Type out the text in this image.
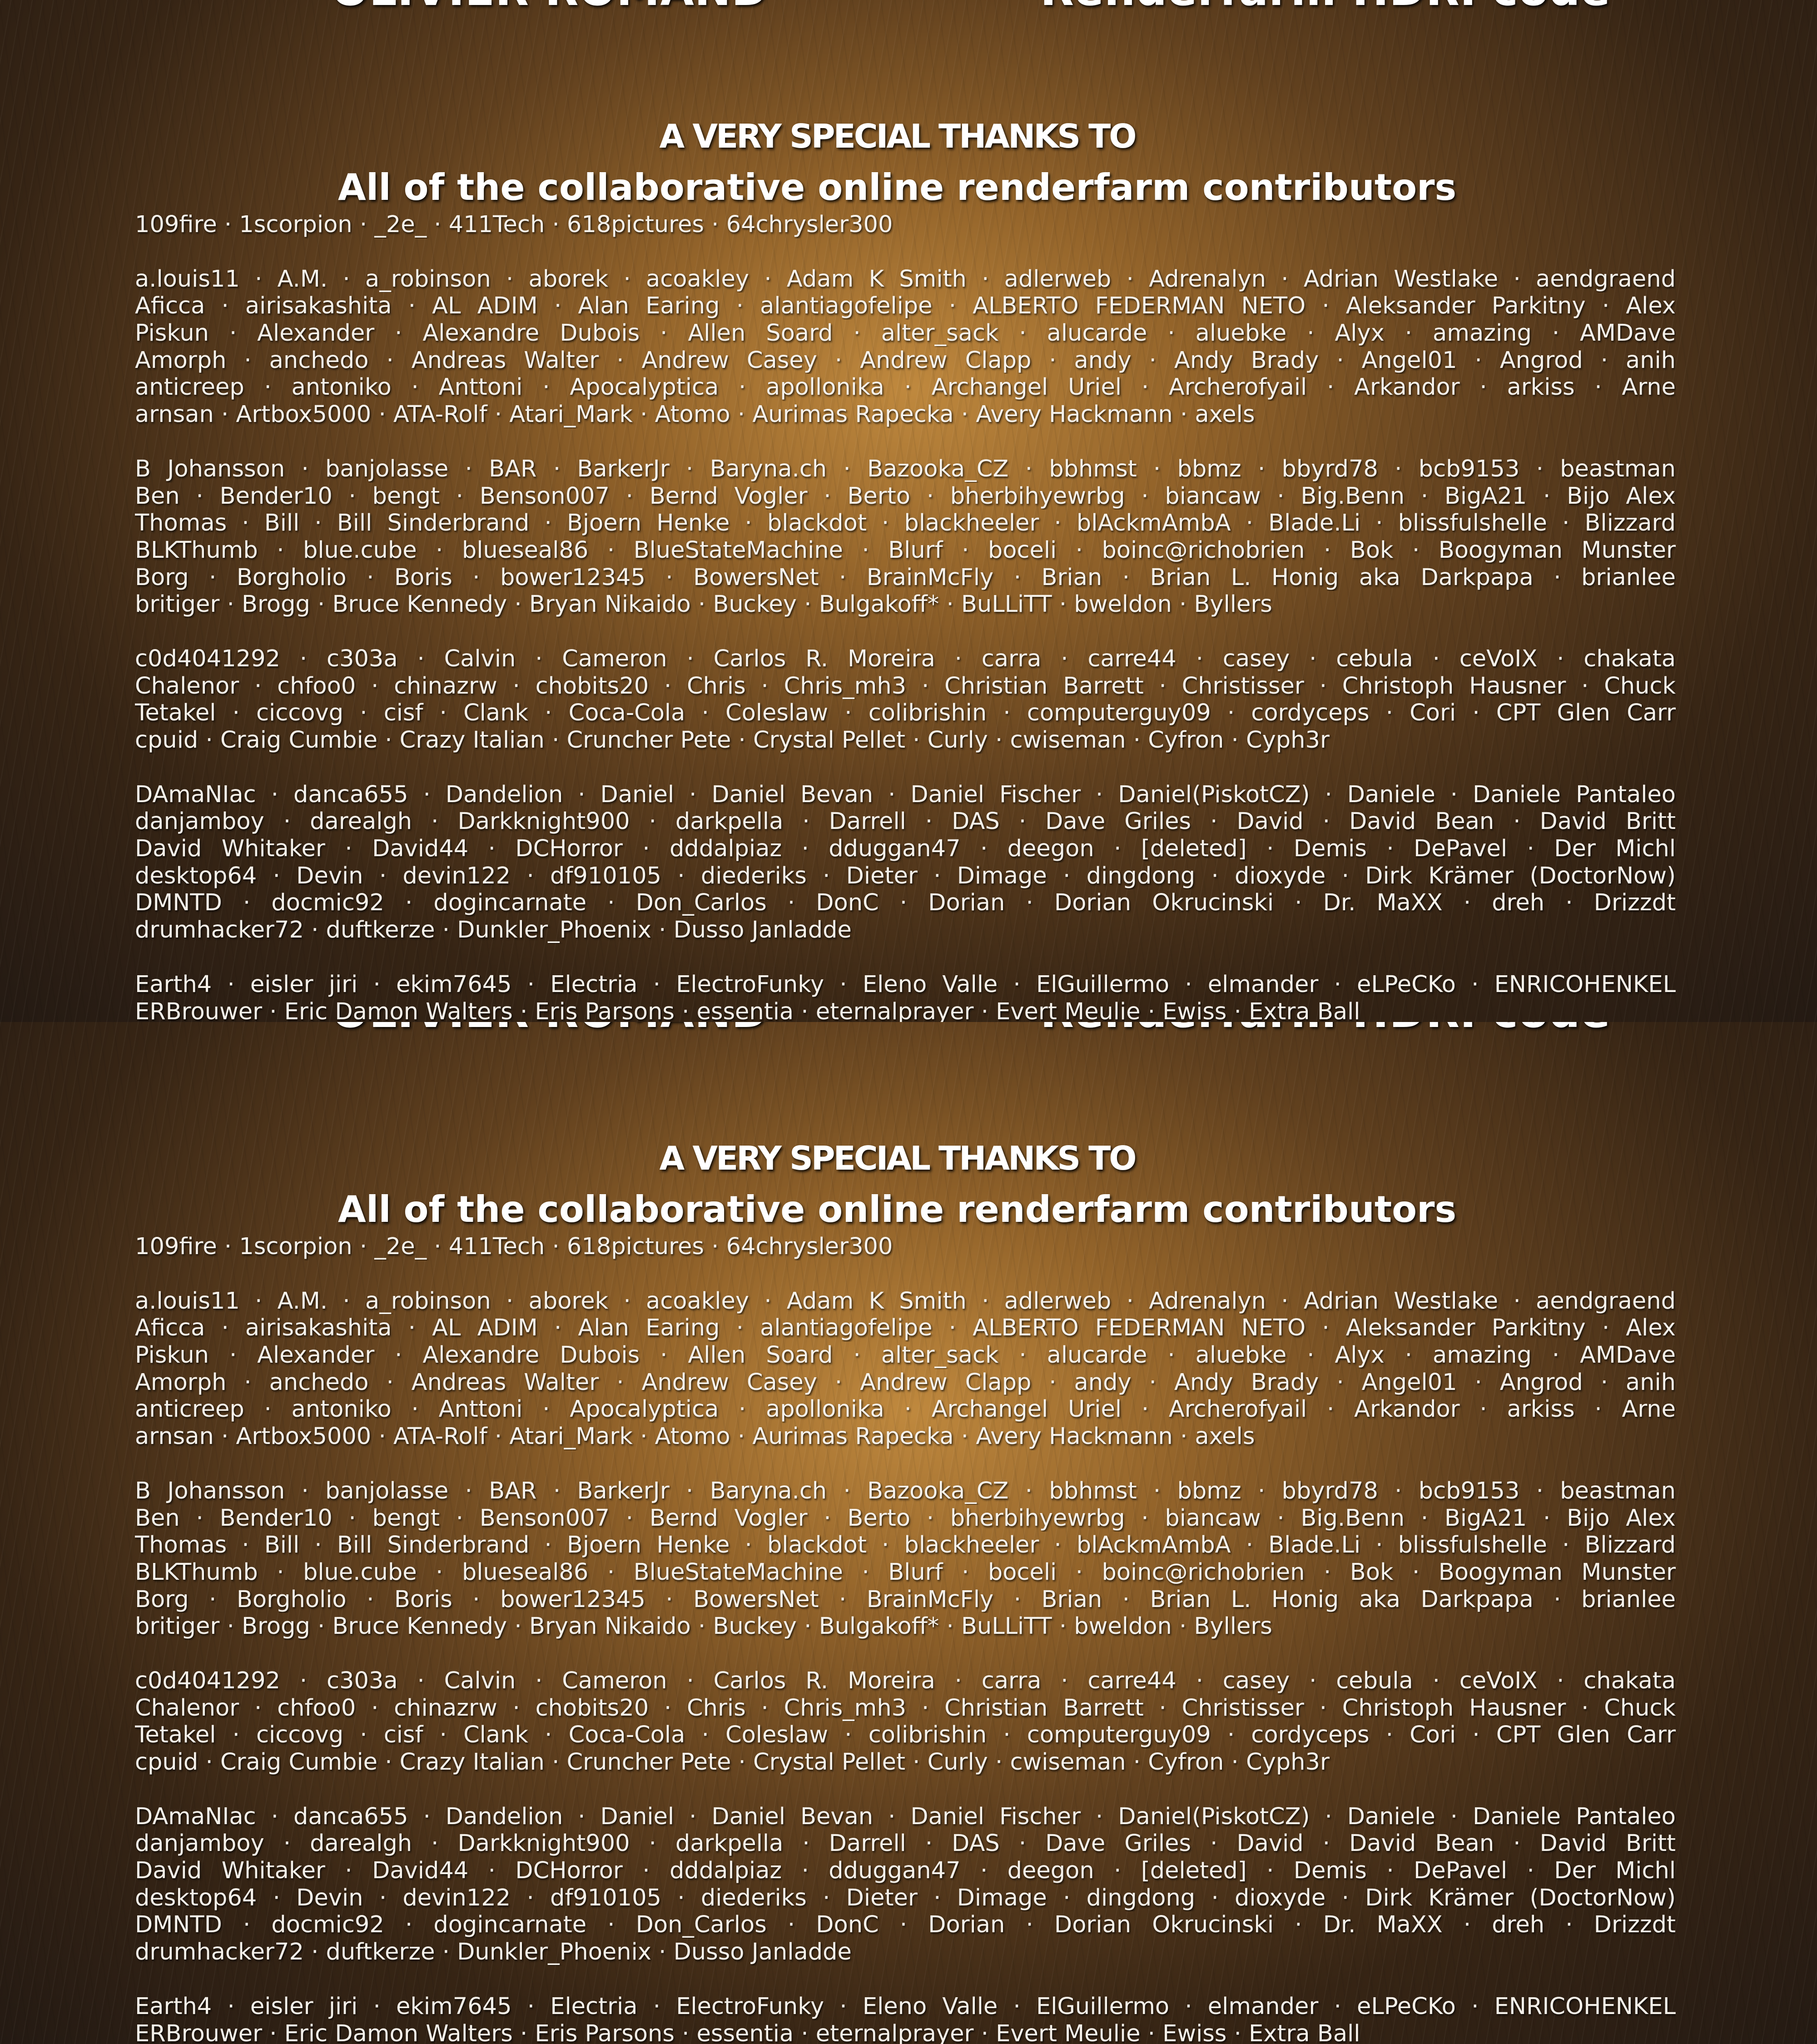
A VERY SPECIAL THANKS TO
All of the collaborative online renderfarm contributors
109fire · 1scorpion · _2e_ · 411Tech · 618pictures · 64chrysler300
a.louis11 · A.M. · a_robinson · aborek · acoakley · Adam K Smith · adlerweb · Adrenalyn · Adrian Westlake · aendgraend
Aficca · airisakashita · AL ADIM · Alan Earing · alantiagofelipe · ALBERTO FEDERMAN NETO · Aleksander Parkitny · Alex
Piskun · Alexander · Alexandre Dubois · Allen Soard · alter_sack · alucarde · aluebke · Alyx · amazing · AMDave
Amorph · anchedo · Andreas Walter · Andrew Casey · Andrew Clapp · andy · Andy Brady · Angel01 · Angrod · anih
anticreep · antoniko · Anttoni · Apocalyptica · apollonika · Archangel Uriel · Archerofyail · Arkandor · arkiss · Arne
arnsan · Artbox5000 · ATA-Rolf · Atari_Mark · Atomo · Aurimas Rapecka · Avery Hackmann · axels
B Johansson · banjolasse · BAR · BarkerJr · Baryna.ch · Bazooka_CZ · bbhmst · bbmz · bbyrd78 · bcb9153 · beastman
Ben · Bender10 · bengt · Benson007 · Bernd Vogler · Berto · bherbihyewrbg · biancaw · Big.Benn · BigA21 · Bijo Alex
Thomas · Bill · Bill Sinderbrand · Bjoern Henke · blackdot · blackheeler · blAckmAmbA · Blade.Li · blissfulshelle · Blizzard
BLKThumb · blue.cube · blueseal86 · BlueStateMachine · Blurf · boceli · boinc@richobrien · Bok · Boogyman Munster
Borg · Borgholio · Boris · bower12345 · BowersNet · BrainMcFly · Brian · Brian L. Honig aka Darkpapa · brianlee
britiger · Brogg · Bruce Kennedy · Bryan Nikaido · Buckey · Bulgakoff* · BuLLiTT · bweldon · Byllers
c0d4041292 · c303a · Calvin · Cameron · Carlos R. Moreira · carra · carre44 · casey · cebula · ceVoIX · chakata
Chalenor · chfoo0 · chinazrw · chobits20 · Chris · Chris_mh3 · Christian Barrett · Christisser · Christoph Hausner · Chuck
Tetakel · ciccovg · cisf · Clank · Coca-Cola · Coleslaw · colibrishin · computerguy09 · cordyceps · Cori · CPT Glen Carr
cpuid · Craig Cumbie · Crazy Italian · Cruncher Pete · Crystal Pellet · Curly · cwiseman · Cyfron · Cyph3r
DAmaNIac · danca655 · Dandelion · Daniel · Daniel Bevan · Daniel Fischer · Daniel(PiskotCZ) · Daniele · Daniele Pantaleo
danjamboy · darealgh · Darkknight900 · darkpella · Darrell · DAS · Dave Griles · David · David Bean · David Britt
David Whitaker · David44 · DCHorror · dddalpiaz · dduggan47 · deegon · [deleted] · Demis · DePavel · Der Michl
desktop64 · Devin · devin122 · df910105 · diederiks · Dieter · Dimage · dingdong · dioxyde · Dirk Krämer (DoctorNow)
DMNTD · docmic92 · dogincarnate · Don_Carlos · DonC · Dorian · Dorian Okrucinski · Dr. MaXX · dreh · Drizzdt
drumhacker72 · duftkerze · Dunkler_Phoenix · Dusso Janladde
Earth4 · eisler jiri · ekim7645 · Electria · ElectroFunky · Eleno Valle · ElGuillermo · elmander · eLPeCKo · ENRICOHENKEL
ERBrouwer · Eric Damon Walters · Eris Parsons · essentia · eternalprayer · Evert Meulie · Ewiss · Extra Ball
A VERY SPECIAL THANKS TO
All of the collaborative online renderfarm contributors
109fire · 1scorpion · _2e_ · 411Tech · 618pictures · 64chrysler300
a.louis11 · A.M. · a_robinson · aborek · acoakley · Adam K Smith · adlerweb · Adrenalyn · Adrian Westlake · aendgraend
Aficca · airisakashita · AL ADIM · Alan Earing · alantiagofelipe · ALBERTO FEDERMAN NETO · Aleksander Parkitny · Alex
Piskun · Alexander · Alexandre Dubois · Allen Soard · alter_sack · alucarde · aluebke · Alyx · amazing · AMDave
Amorph · anchedo · Andreas Walter · Andrew Casey · Andrew Clapp · andy · Andy Brady · Angel01 · Angrod · anih
anticreep · antoniko · Anttoni · Apocalyptica · apollonika · Archangel Uriel · Archerofyail · Arkandor · arkiss · Arne
arnsan · Artbox5000 · ATA-Rolf · Atari_Mark · Atomo · Aurimas Rapecka · Avery Hackmann · axels
B Johansson · banjolasse · BAR · BarkerJr · Baryna.ch · Bazooka_CZ · bbhmst · bbmz · bbyrd78 · bcb9153 · beastman
Ben · Bender10 · bengt · Benson007 · Bernd Vogler · Berto · bherbihyewrbg · biancaw · Big.Benn · BigA21 · Bijo Alex
Thomas · Bill · Bill Sinderbrand · Bjoern Henke · blackdot · blackheeler · blAckmAmbA · Blade.Li · blissfulshelle · Blizzard
BLKThumb · blue.cube · blueseal86 · BlueStateMachine · Blurf · boceli · boinc@richobrien · Bok · Boogyman Munster
Borg · Borgholio · Boris · bower12345 · BowersNet · BrainMcFly · Brian · Brian L. Honig aka Darkpapa · brianlee
britiger · Brogg · Bruce Kennedy · Bryan Nikaido · Buckey · Bulgakoff* · BuLLiTT · bweldon · Byllers
c0d4041292 · c303a · Calvin · Cameron · Carlos R. Moreira · carra · carre44 · casey · cebula · ceVoIX · chakata
Chalenor · chfoo0 · chinazrw · chobits20 · Chris · Chris_mh3 · Christian Barrett · Christisser · Christoph Hausner · Chuck
Tetakel · ciccovg · cisf · Clank · Coca-Cola · Coleslaw · colibrishin · computerguy09 · cordyceps · Cori · CPT Glen Carr
cpuid · Craig Cumbie · Crazy Italian · Cruncher Pete · Crystal Pellet · Curly · cwiseman · Cyfron · Cyph3r
DAmaNIac · danca655 · Dandelion · Daniel · Daniel Bevan · Daniel Fischer · Daniel(PiskotCZ) · Daniele · Daniele Pantaleo
danjamboy · darealgh · Darkknight900 · darkpella · Darrell · DAS · Dave Griles · David · David Bean · David Britt
David Whitaker · David44 · DCHorror · dddalpiaz · dduggan47 · deegon · [deleted] · Demis · DePavel · Der Michl
desktop64 · Devin · devin122 · df910105 · diederiks · Dieter · Dimage · dingdong · dioxyde · Dirk Krämer (DoctorNow)
DMNTD · docmic92 · dogincarnate · Don_Carlos · DonC · Dorian · Dorian Okrucinski · Dr. MaXX · dreh · Drizzdt
drumhacker72 · duftkerze · Dunkler_Phoenix · Dusso Janladde
Earth4 · eisler jiri · ekim7645 · Electria · ElectroFunky · Eleno Valle · ElGuillermo · elmander · eLPeCKo · ENRICOHENKEL
ERBrouwer · Eric Damon Walters · Eris Parsons · essentia · eternalprayer · Evert Meulie · Ewiss · Extra Ball
